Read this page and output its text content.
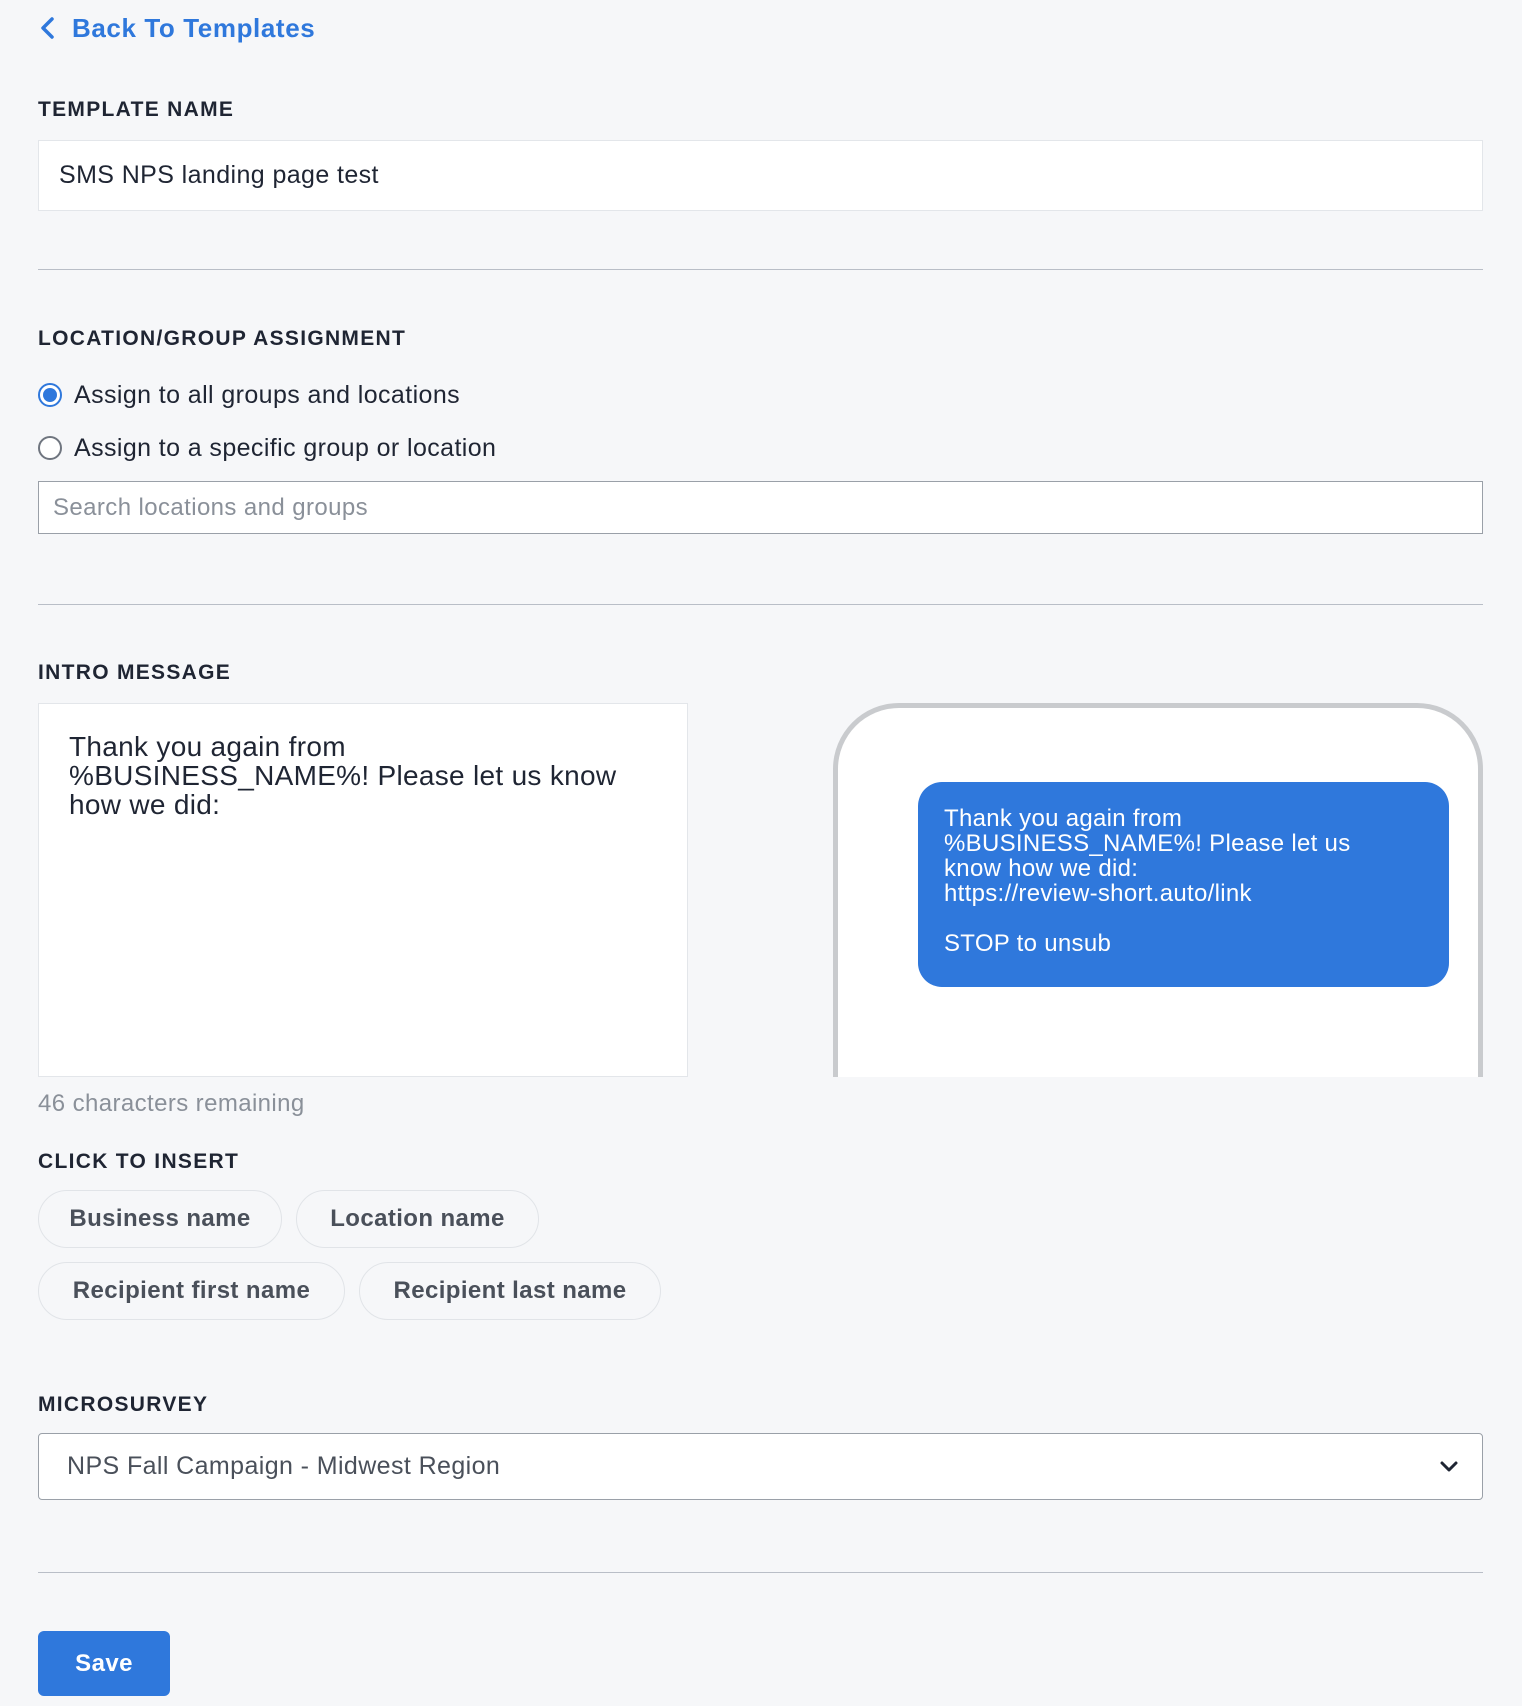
Back To Templates
TEMPLATE NAME
SMS NPS landing page test
LOCATION/GROUP ASSIGNMENT
Assign to all groups and locations
Assign to a specific group or location
Search locations and groups
INTRO MESSAGE
Thank you again from
%BUSINESS_NAME%! Please let us know
how we did:	Thank you again from
%BUSINESS_NAME%! Please let us
know how we did:
https://review-short.auto/link
STOP to unsub
46 characters remaining
CLICK TO INSERT
Business name	Location name
Recipient first name	Recipient last name
MICROSURVEY
NPS Fall Campaign - Midwest Region
Save
